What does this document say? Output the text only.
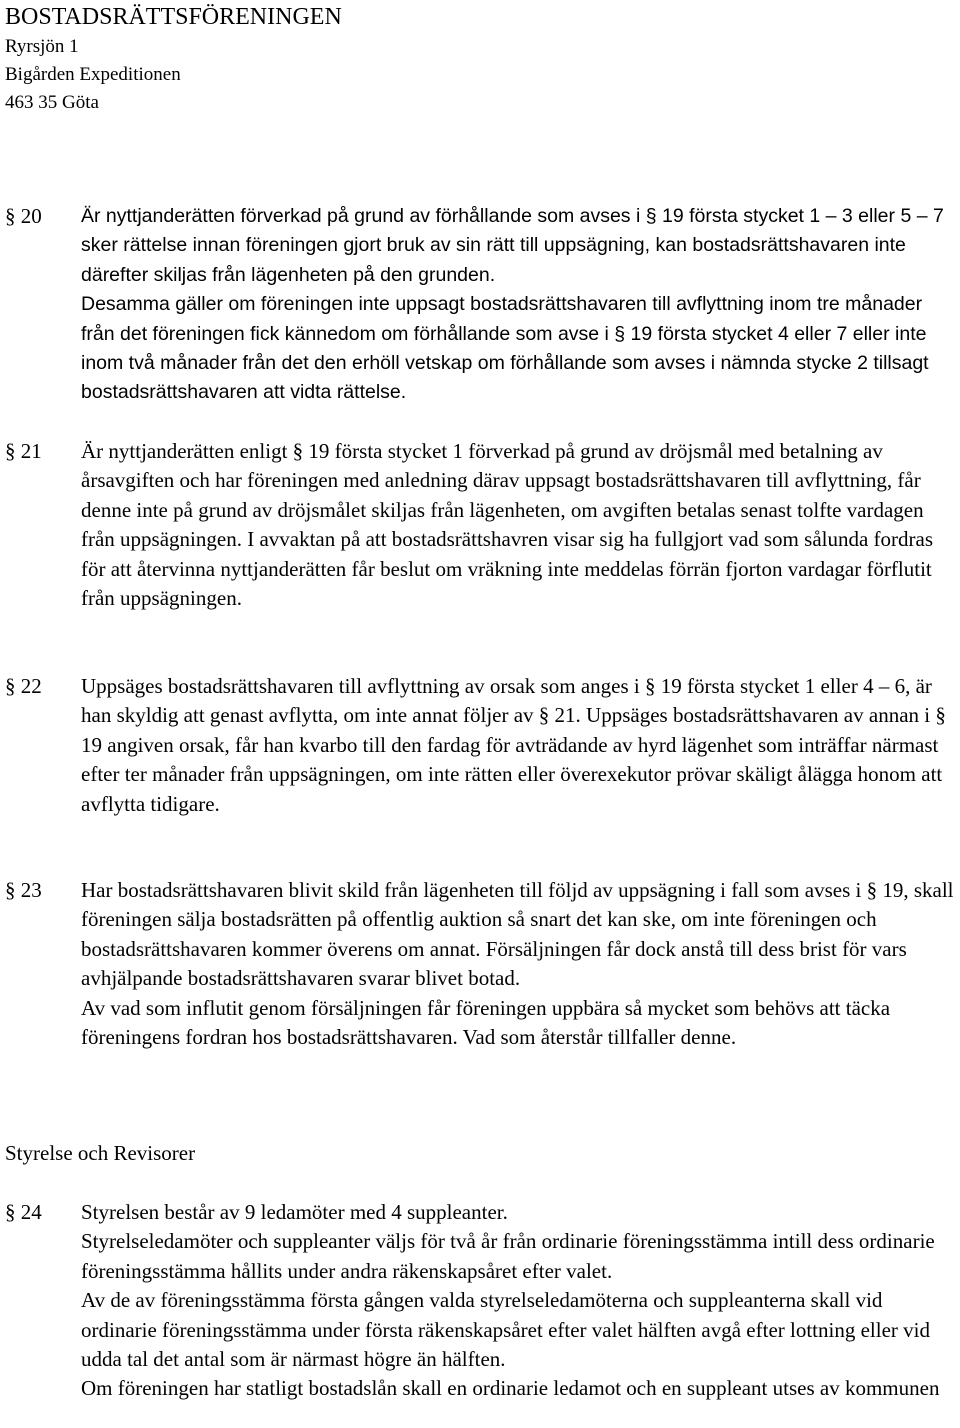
BOSTADSRÄTTSFÖRENINGEN
Ryrsjön 1
Bigården Expeditionen
463 35 Göta
§ 20 Är nyttjanderätten förverkad på grund av förhållande som avses i § 19 första stycket 1 – 3 eller 5 – 7 sker rättelse innan föreningen gjort bruk av sin rätt till uppsägning, kan bostadsrättshavaren inte därefter skiljas från lägenheten på den grunden.

Desamma gäller om föreningen inte uppsagt bostadsrättshavaren till avflyttning inom tre månader från det föreningen fick kännedom om förhållande som avse i § 19 första stycket 4 eller 7 eller inte inom två månader från det den erhöll vetskap om förhållande som avses i nämnda stycke 2 tillsagt bostadsrättshavaren att vidta rättelse.

§ 21 Är nyttjanderätten enligt § 19 första stycket 1 förverkad på grund av dröjsmål med betalning av årsavgiften och har föreningen med anledning därav uppsagt bostadsrättshavaren till avflyttning, får denne inte på grund av dröjsmålet skiljas från lägenheten, om avgiften betalas senast tolfte vardagen från uppsägningen. I avvaktan på att bostadsrättshavren visar sig ha fullgjort vad som sålunda fordras för att återvinna nyttjanderätten får beslut om vräkning inte meddelas förrän fjorton vardagar förflutit från uppsägningen.

§ 22 Uppsäges bostadsrättshavaren till avflyttning av orsak som anges i § 19 första stycket 1 eller 4 – 6, är han skyldig att genast avflytta, om inte annat följer av § 21. Uppsäges bostadsrättshavaren av annan i § 19 angiven orsak, får han kvarbo till den fardag för avträdande av hyrd lägenhet som inträffar närmast efter ter månader från uppsägningen, om inte rätten eller överexekutor prövar skäligt ålägga honom att avflytta tidigare.

§ 23 Har bostadsrättshavaren blivit skild från lägenheten till följd av uppsägning i fall som avses i § 19, skall föreningen sälja bostadsrätten på offentlig auktion så snart det kan ske, om inte föreningen och bostadsrättshavaren kommer överens om annat. Försäljningen får dock anstå till dess brist för vars avhjälpande bostadsrättshavaren svarar blivet botad.

Av vad som influtit genom försäljningen får föreningen uppbära så mycket som behövs att täcka föreningens fordran hos bostadsrättshavaren. Vad som återstår tillfaller denne.

Styrelse och Revisorer
§ 24 Styrelsen består av 9 ledamöter med 4 suppleanter.

Styrelseledamöter och suppleanter väljs för två år från ordinarie föreningsstämma intill dess ordinarie föreningsstämma hållits under andra räkenskapsåret efter valet.

Av de av föreningsstämma första gången valda styrelseledamöterna och suppleanterna skall vid ordinarie föreningsstämma under första räkenskapsåret efter valet hälften avgå efter lottning eller vid udda tal det antal som är närmast högre än hälften.

Om föreningen har statligt bostadslån skall en ordinarie ledamot och en suppleant utses av kommunen
